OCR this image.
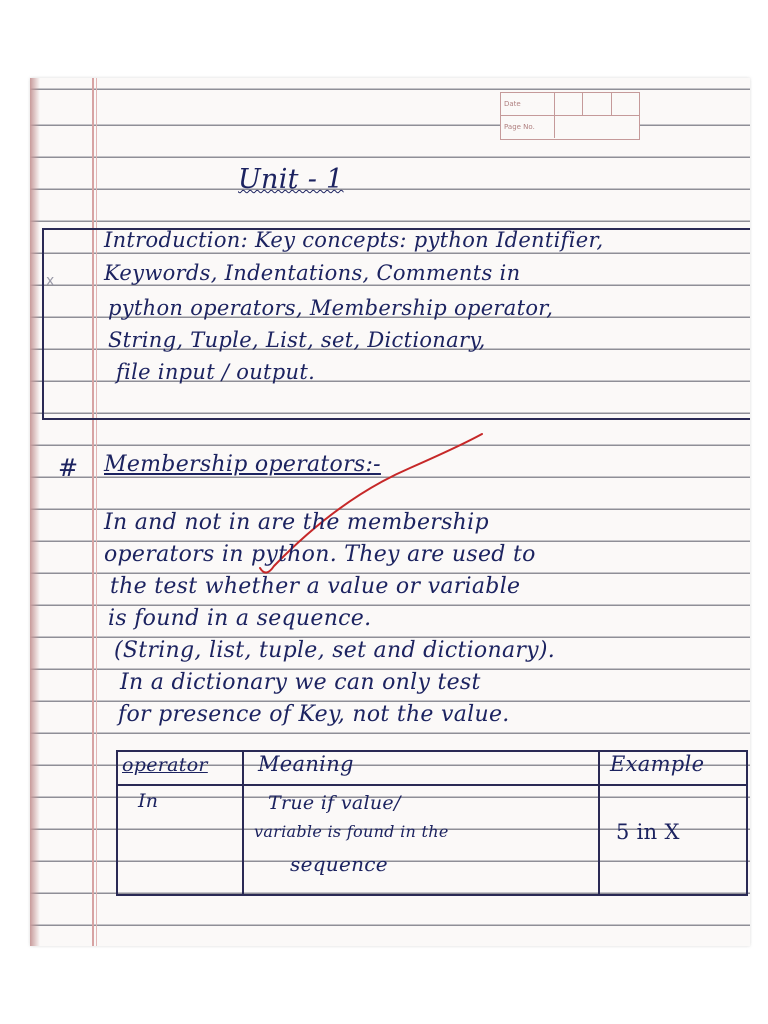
Date
Page No.
Unit - 1
x
Introduction: Key concepts: python Identifier,
Keywords, Indentations, Comments in
python operators, Membership operator,
String, Tuple, List, set, Dictionary,
file input / output.
# Membership operators:-
In and not in are the membership
operators in python. They are used to
the test whether a value or variable
is found in a sequence.
(String, list, tuple, set and dictionary).
In a dictionary we can only test
for presence of Key, not the value.
operator Meaning	Example
In	True if value/
variable is found in the
sequence
5 in X
